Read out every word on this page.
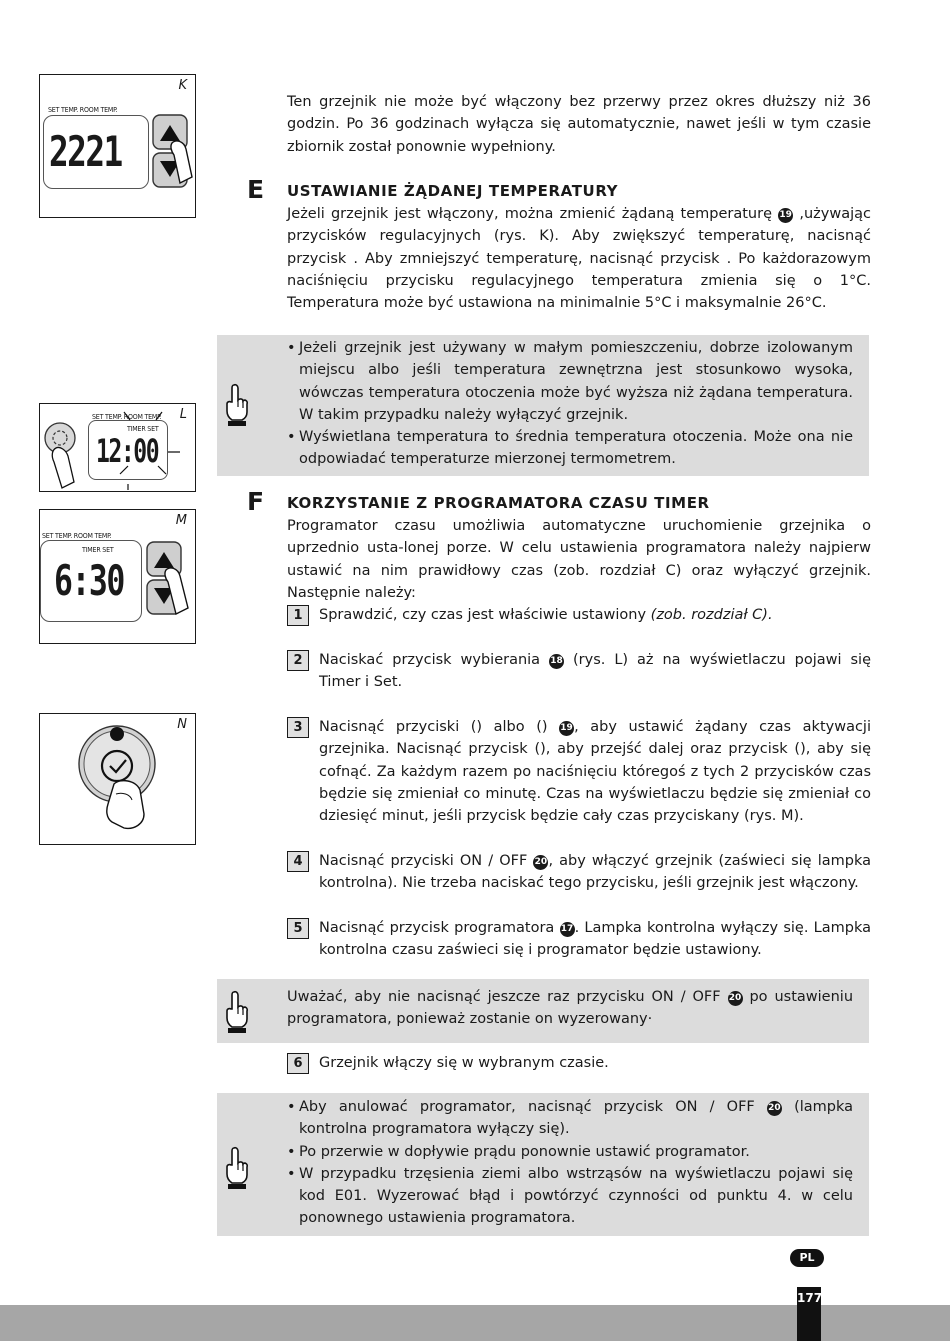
Ten grzejnik nie może być włączony bez przerwy przez okres dłuższy niż 36 godzin. Po 36 godzinach wyłącza się automatycznie, nawet jeśli w tym czasie zbiornik został ponownie wypełniony.
E USTAWIANIE ŻĄDANEJ TEMPERATURY
Jeżeli grzejnik jest włączony, można zmienić żądaną temperaturę 19 ,używając przycisków regulacyjnych (rys. K). Aby zwiększyć temperaturę, nacisnąć przycisk . Aby zmniejszyć temperaturę, nacisnąć przycisk . Po każdorazowym naciśnięciu przycisku regulacyjnego temperatura zmienia się o 1°C. Temperatura może być ustawiona na minimalnie 5°C i maksymalnie 26°C.
• Jeżeli grzejnik jest używany w małym pomieszczeniu, dobrze izolowanym miejscu albo jeśli temperatura zewnętrzna jest stosunkowo wysoka, wówczas temperatura otoczenia może być wyższa niż żądana temperatura. W takim przypadku należy wyłączyć grzejnik.
• Wyświetlana temperatura to średnia temperatura otoczenia. Może ona nie odpowiadać temperaturze mierzonej termometrem.
F KORZYSTANIE Z PROGRAMATORA CZASU TIMER
Programator czasu umożliwia automatyczne uruchomienie grzejnika o uprzednio usta-lonej porze. W celu ustawienia programatora należy najpierw ustawić na nim prawidłowy czas (zob. rozdział C) oraz wyłączyć grzejnik. Następnie należy:
1	Sprawdzić, czy czas jest właściwie ustawiony (zob. rozdział C).
2	Naciskać przycisk wybierania 18 (rys. L) aż na wyświetlaczu pojawi się Timer i Set.
3	Nacisnąć przyciski () albo () 19, aby ustawić żądany czas aktywacji grzejnika. Nacisnąć przycisk (), aby przejść dalej oraz przycisk (), aby się cofnąć. Za każdym razem po naciśnięciu któregoś z tych 2 przycisków czas będzie się zmieniał co minutę. Czas na wyświetlaczu będzie się zmieniał co dziesięć minut, jeśli przycisk będzie cały czas przyciskany (rys. M).
4	Nacisnąć przyciski ON / OFF 20, aby włączyć grzejnik (zaświeci się lampka kontrolna). Nie trzeba naciskać tego przycisku, jeśli grzejnik jest włączony.
5	Nacisnąć przycisk programatora 17. Lampka kontrolna wyłączy się. Lampka kontrolna czasu zaświeci się i programator będzie ustawiony.
Uważać, aby nie nacisnąć jeszcze raz przycisku ON / OFF 20 po ustawieniu programatora, ponieważ zostanie on wyzerowany·
6	Grzejnik włączy się w wybranym czasie.
• Aby anulować programator, nacisnąć przycisk ON / OFF 20 (lampka kontrolna programatora wyłączy się).
• Po przerwie w dopływie prądu ponownie ustawić programator.
• W przypadku trzęsienia ziemi albo wstrząsów na wyświetlaczu pojawi się kod E01. Wyzerować błąd i powtórzyć czynności od punktu 4. w celu ponownego ustawienia programatora.
K
SET TEMP. ROOM TEMP.
2221
L
SET TEMP. ROOM TEMP.
TIMER SET
12:00
M
SET TEMP. ROOM TEMP.
TIMER SET
6:30
N
PL
177
